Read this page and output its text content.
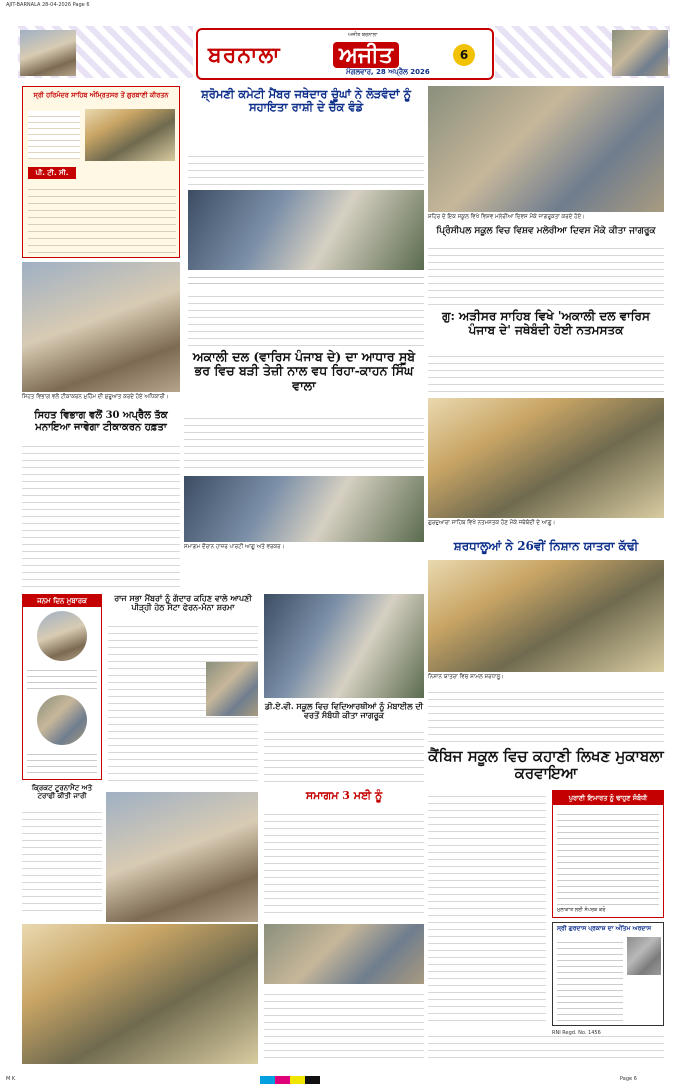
AJIT-BARNALA 28-04-2026 Page 6
ਅਜੀਤ ਬਰਨਾਲਾ
ਬਰਨਾਲਾ	ਅਜੀਤ
ਮੰਗਲਵਾਰ, 28 ਅਪ੍ਰੈਲ 2026
6
ਸ੍ਰੀ ਹਰਿਮੰਦਰ ਸਾਹਿਬ ਅੰਮ੍ਰਿਤਸਰ ਤੋਂ ਗੁਰਬਾਣੀ ਕੀਰਤਨ
ਪੀ. ਟੀ. ਸੀ.
ਸ਼੍ਰੋਮਣੀ ਕਮੇਟੀ ਮੈਂਬਰ ਜਥੇਦਾਰ ਚੂੰਘਾਂ ਨੇ ਲੋੜਵੰਦਾਂ ਨੂੰ ਸਹਾਇਤਾ ਰਾਸ਼ੀ ਦੇ ਚੈੱਕ ਵੰਡੇ
ਸ਼ਹਿਰ ਦੇ ਇਕ ਸਕੂਲ ਵਿਖੇ ਵਿਸ਼ਵ ਮਲੇਰੀਆ ਦਿਵਸ ਮੌਕੇ ਜਾਗਰੂਕਤਾ ਕਰਦੇ ਹੋਏ।
ਪ੍ਰਿੰਸੀਪਲ ਸਕੂਲ ਵਿਚ ਵਿਸ਼ਵ ਮਲੇਰੀਆ ਦਿਵਸ ਮੌਕੇ ਕੀਤਾ ਜਾਗਰੂਕ
ਸਿਹਤ ਵਿਭਾਗ ਵਲੋਂ ਟੀਕਾਕਰਨ ਮੁਹਿੰਮ ਦੀ ਸ਼ੁਰੂਆਤ ਕਰਦੇ ਹੋਏ ਅਧਿਕਾਰੀ।
ਸਿਹਤ ਵਿਭਾਗ ਵਲੋਂ 30 ਅਪ੍ਰੈਲ ਤੱਕ ਮਨਾਇਆ ਜਾਵੇਗਾ ਟੀਕਾਕਰਨ ਹਫ਼ਤਾ
ਗੁ: ਅੜੀਸਰ ਸਾਹਿਬ ਵਿਖੇ 'ਅਕਾਲੀ ਦਲ ਵਾਰਿਸ ਪੰਜਾਬ ਦੇ' ਜਥੇਬੰਦੀ ਹੋਈ ਨਤਮਸਤਕ
ਗੁਰਦੁਆਰਾ ਸਾਹਿਬ ਵਿਖੇ ਨਤਮਸਤਕ ਹੋਣ ਮੌਕੇ ਜਥੇਬੰਦੀ ਦੇ ਆਗੂ।
ਅਕਾਲੀ ਦਲ (ਵਾਰਿਸ ਪੰਜਾਬ ਦੇ) ਦਾ ਆਧਾਰ ਸੂਬੇ ਭਰ ਵਿਚ ਬੜੀ ਤੇਜ਼ੀ ਨਾਲ ਵਧ ਰਿਹਾ-ਕਾਹਨ ਸਿੰਘ ਵਾਲਾ
ਸਮਾਗਮ ਦੌਰਾਨ ਹਾਜ਼ਰ ਪਾਰਟੀ ਆਗੂ ਅਤੇ ਵਰਕਰ।	ਸ਼ਰਧਾਲੂਆਂ ਨੇ 26ਵੀਂ ਨਿਸ਼ਾਨ ਯਾਤਰਾ ਕੱਢੀ
ਨਿਸ਼ਾਨ ਯਾਤਰਾ ਵਿਚ ਸ਼ਾਮਲ ਸ਼ਰਧਾਲੂ।
ਜਨਮ ਦਿਨ ਮੁਬਾਰਕ	ਰਾਜ ਸਭਾ ਮੈਂਬਰਾਂ ਨੂੰ ਗੱਦਾਰ ਕਹਿਣ ਵਾਲੇ ਆਪਣੀ ਪੀੜ੍ਹੀ ਹੇਠ ਸੋਟਾ ਫੇਰਨ-ਮੰਨਾ ਸ਼ਰਮਾ
ਡੀ.ਏ.ਵੀ. ਸਕੂਲ ਵਿਚ ਵਿਦਿਆਰਥੀਆਂ ਨੂੰ ਮੋਬਾਈਲ ਦੀ ਵਰਤੋਂ ਸੰਬੰਧੀ ਕੀਤਾ ਜਾਗਰੂਕ
ਕੈਂਬਿਜ ਸਕੂਲ ਵਿਚ ਕਹਾਣੀ ਲਿਖਣ ਮੁਕਾਬਲਾ ਕਰਵਾਇਆ
ਕ੍ਰਿਕਟ ਟੂਰਨਾਮੈਂਟ ਅਤੇ ਟਰਾਫੀ ਕੀਤੀ ਜਾਰੀ	ਸਮਾਗਮ 3 ਮਈ ਨੂੰ	ਪੁਰਾਣੀ ਇਮਾਰਤ ਨੂੰ ਢਾਹੁਣ ਸੰਬੰਧੀ
ਮੁਲਾਕਾਤ ਲਈ ਸੰਪਰਕ ਕਰੋ
ਸ੍ਰੀ ਗੁਰਦਾਸ ਪ੍ਰਕਾਸ਼ ਦਾ ਅੰਤਿਮ ਅਰਦਾਸ
RNI Regd. No. 1456
M K	Page 6
